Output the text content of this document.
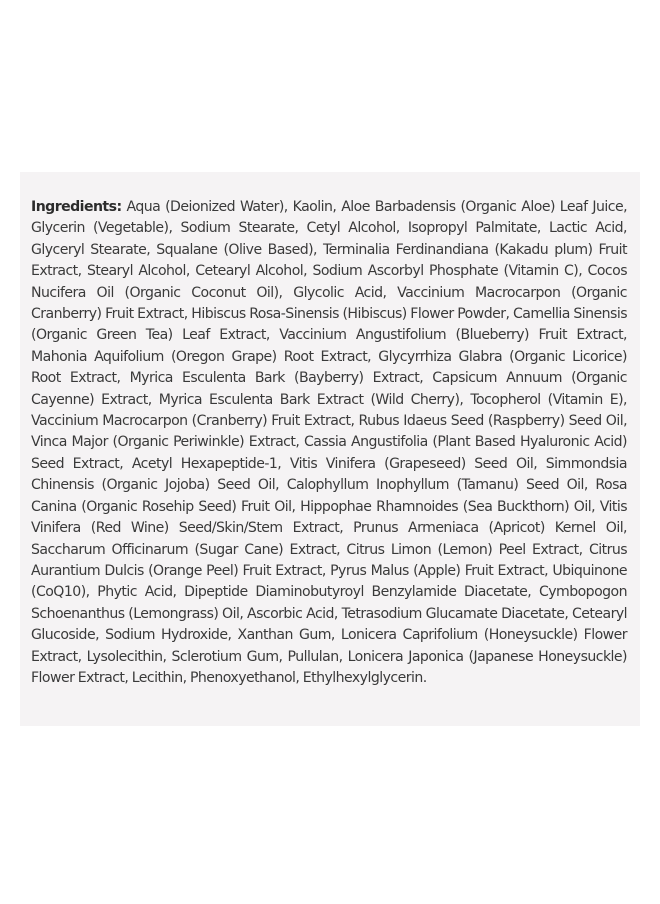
Ingredients: Aqua (Deionized Water), Kaolin, Aloe Barbadensis (Organic Aloe) Leaf Juice, Glycerin (Vegetable), Sodium Stearate, Cetyl Alcohol, Isopropyl Palmitate, Lactic Acid, Glyceryl Stearate, Squalane (Olive Based), Terminalia Ferdinandiana (Kakadu plum) Fruit Extract, Stearyl Alcohol, Cetearyl Alcohol, Sodium Ascorbyl Phosphate (Vitamin C), Cocos Nucifera Oil (Organic Coconut Oil), Glycolic Acid, Vaccinium Macrocarpon (Organic Cranberry) Fruit Extract, Hibiscus Rosa-Sinensis (Hibiscus) Flower Powder, Camellia Sinensis (Organic Green Tea) Leaf Extract, Vaccinium Angustifolium (Blueberry) Fruit Extract, Mahonia Aquifolium (Oregon Grape) Root Extract, Glycyrrhiza Glabra (Organic Licorice) Root Extract, Myrica Esculenta Bark (Bayberry) Extract, Capsicum Annuum (Organic Cayenne) Extract, Myrica Esculenta Bark Extract (Wild Cherry), Tocopherol (Vitamin E), Vaccinium Macrocarpon (Cranberry) Fruit Extract, Rubus Idaeus Seed (Raspberry) Seed Oil, Vinca Major (Organic Periwinkle) Extract, Cassia Angustifolia (Plant Based Hyaluronic Acid) Seed Extract, Acetyl Hexapeptide-1, Vitis Vinifera (Grapeseed) Seed Oil, Simmondsia Chinensis (Organic Jojoba) Seed Oil, Calophyllum Inophyllum (Tamanu) Seed Oil, Rosa Canina (Organic Rosehip Seed) Fruit Oil, Hippophae Rhamnoides (Sea Buckthorn) Oil, Vitis Vinifera (Red Wine) Seed/Skin/Stem Extract, Prunus Armeniaca (Apricot) Kernel Oil, Saccharum Officinarum (Sugar Cane) Extract, Citrus Limon (Lemon) Peel Extract, Citrus Aurantium Dulcis (Orange Peel) Fruit Extract, Pyrus Malus (Apple) Fruit Extract, Ubiquinone (CoQ10), Phytic Acid, Dipeptide Diaminobutyroyl Benzylamide Diacetate, Cymbopogon Schoenanthus (Lemongrass) Oil, Ascorbic Acid, Tetrasodium Glucamate Diacetate, Cetearyl Glucoside, Sodium Hydroxide, Xanthan Gum, Lonicera Caprifolium (Honeysuckle) Flower Extract, Lysolecithin, Sclerotium Gum, Pullulan, Lonicera Japonica (Japanese Honeysuckle) Flower Extract, Lecithin, Phenoxyethanol, Ethylhexylglycerin.
